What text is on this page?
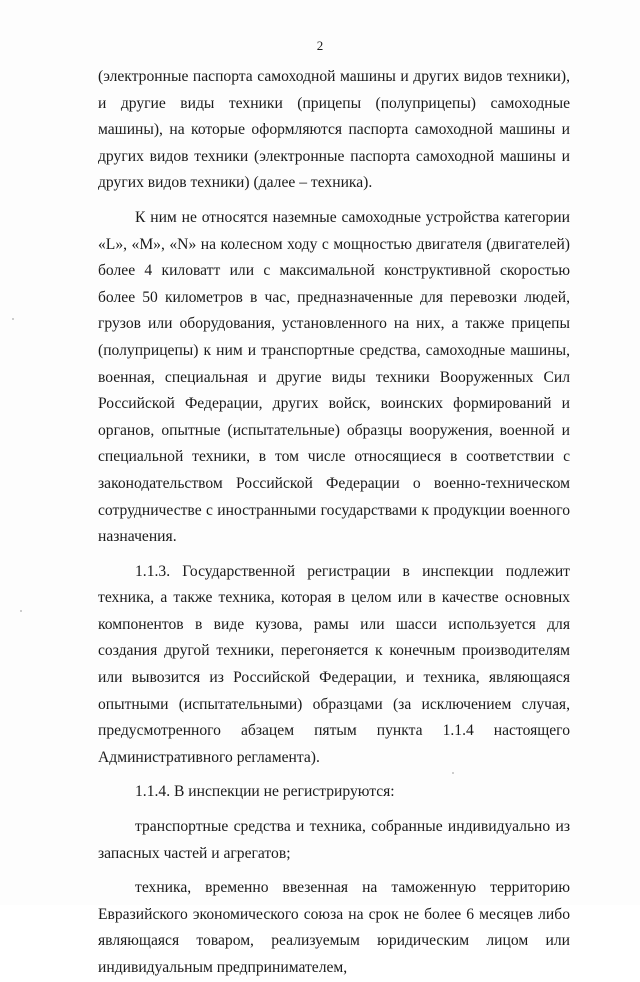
2

(электронные паспорта самоходной машины и других видов техники), и другие виды техники (прицепы (полуприцепы) самоходные машины), на которые оформляются паспорта самоходной машины и других видов техники (электронные паспорта самоходной машины и других видов техники) (далее – техника).

К ним не относятся наземные самоходные устройства категории «L», «M», «N» на колесном ходу с мощностью двигателя (двигателей) более 4 киловатт или с максимальной конструктивной скоростью более 50 километров в час, предназначенные для перевозки людей, грузов или оборудования, установленного на них, а также прицепы (полуприцепы) к ним и транспортные средства, самоходные машины, военная, специальная и другие виды техники Вооруженных Сил Российской Федерации, других войск, воинских формирований и органов, опытные (испытательные) образцы вооружения, военной и специальной техники, в том числе относящиеся в соответствии с законодательством Российской Федерации о военно-техническом сотрудничестве с иностранными государствами к продукции военного назначения.

1.1.3. Государственной регистрации в инспекции подлежит техника, а также техника, которая в целом или в качестве основных компонентов в виде кузова, рамы или шасси используется для создания другой техники, перегоняется к конечным производителям или вывозится из Российской Федерации, и техника, являющаяся опытными (испытательными) образцами (за исключением случая, предусмотренного абзацем пятым пункта 1.1.4 настоящего Административного регламента).

1.1.4. В инспекции не регистрируются:

транспортные средства и техника, собранные индивидуально из запасных частей и агрегатов;

техника, временно ввезенная на таможенную территорию Евразийского экономического союза на срок не более 6 месяцев либо являющаяся товаром, реализуемым юридическим лицом или индивидуальным предпринимателем,
